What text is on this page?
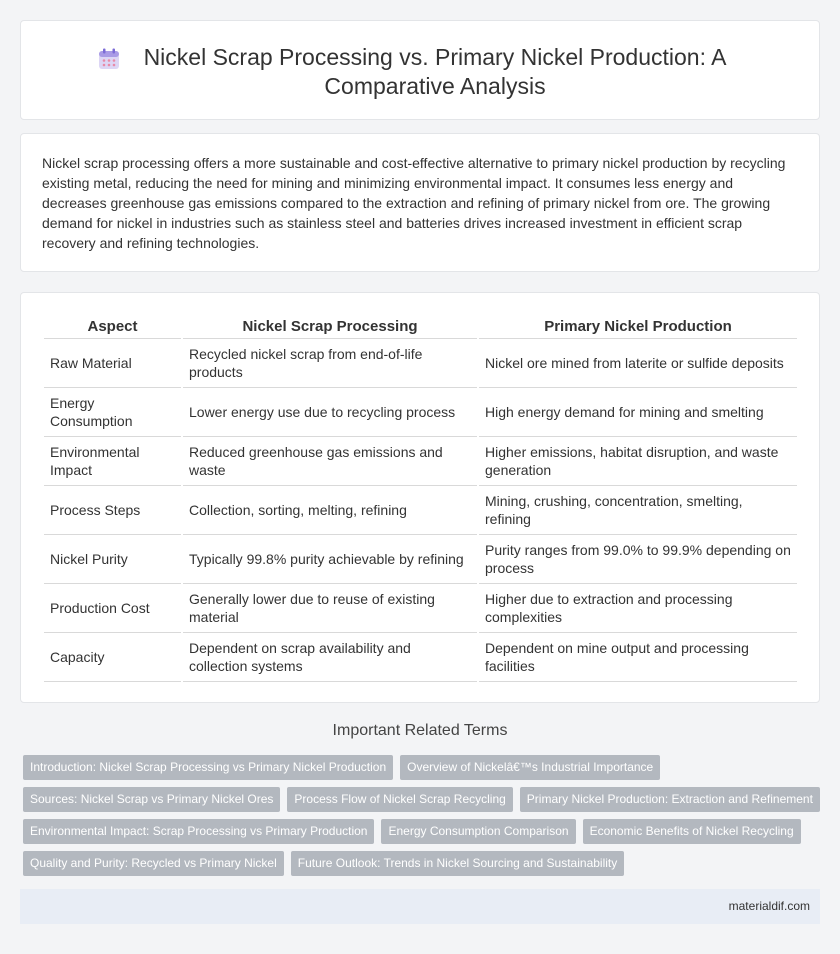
Nickel Scrap Processing vs. Primary Nickel Production: A Comparative Analysis

Nickel scrap processing offers a more sustainable and cost-effective alternative to primary nickel production by recycling existing metal, reducing the need for mining and minimizing environmental impact. It consumes less energy and decreases greenhouse gas emissions compared to the extraction and refining of primary nickel from ore. The growing demand for nickel in industries such as stainless steel and batteries drives increased investment in efficient scrap recovery and refining technologies.

Aspect	Nickel Scrap Processing	Primary Nickel Production
Raw Material	Recycled nickel scrap from end-of-life products	Nickel ore mined from laterite or sulfide deposits
Energy Consumption	Lower energy use due to recycling process	High energy demand for mining and smelting
Environmental Impact	Reduced greenhouse gas emissions and waste	Higher emissions, habitat disruption, and waste generation
Process Steps	Collection, sorting, melting, refining	Mining, crushing, concentration, smelting, refining
Nickel Purity	Typically 99.8% purity achievable by refining	Purity ranges from 99.0% to 99.9% depending on process
Production Cost	Generally lower due to reuse of existing material	Higher due to extraction and processing complexities
Capacity	Dependent on scrap availability and collection systems	Dependent on mine output and processing facilities
Important Related Terms
Introduction: Nickel Scrap Processing vs Primary Nickel Production	Overview of Nickelâ€™s Industrial Importance
Sources: Nickel Scrap vs Primary Nickel Ores	Process Flow of Nickel Scrap Recycling	Primary Nickel Production: Extraction and Refinement
Environmental Impact: Scrap Processing vs Primary Production	Energy Consumption Comparison	Economic Benefits of Nickel Recycling
Quality and Purity: Recycled vs Primary Nickel	Future Outlook: Trends in Nickel Sourcing and Sustainability
materialdif.com
